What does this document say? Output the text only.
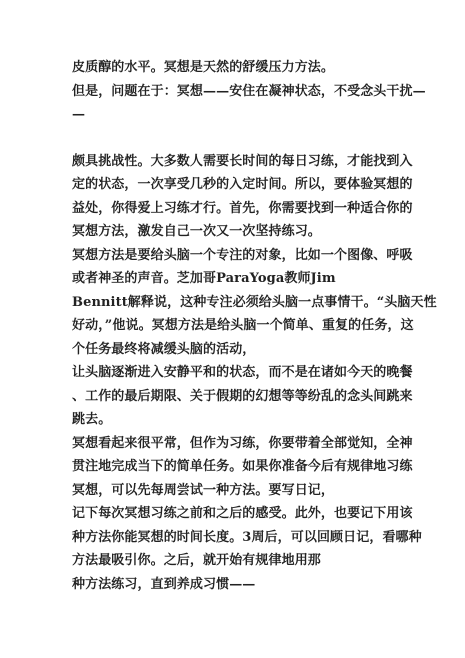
皮质醇的水平。冥想是天然的舒缓压力方法。
但是，问题在于：冥想——安住在凝神状态，不受念头干扰—
—
颇具挑战性。大多数人需要长时间的每日习练，才能找到入
定的状态，一次享受几秒的入定时间。所以，要体验冥想的
益处，你得爱上习练才行。首先，你需要找到一种适合你的
冥想方法，激发自己一次又一次坚持练习。
冥想方法是要给头脑一个专注的对象，比如一个图像、呼吸
或者神圣的声音。芝加哥ParaYoga教师Jim
Bennitt解释说，这种专注必须给头脑一点事情干。“头脑天性
好动，”他说。冥想方法是给头脑一个简单、重复的任务，这
个任务最终将减缓头脑的活动，
让头脑逐渐进入安静平和的状态，而不是在诸如今天的晚餐
、工作的最后期限、关于假期的幻想等等纷乱的念头间跳来
跳去。
冥想看起来很平常，但作为习练，你要带着全部觉知，全神
贯注地完成当下的简单任务。如果你准备今后有规律地习练
冥想，可以先每周尝试一种方法。要写日记，
记下每次冥想习练之前和之后的感受。此外，也要记下用该
种方法你能冥想的时间长度。3周后，可以回顾日记，看哪种
方法最吸引你。之后，就开始有规律地用那
种方法练习，直到养成习惯——
